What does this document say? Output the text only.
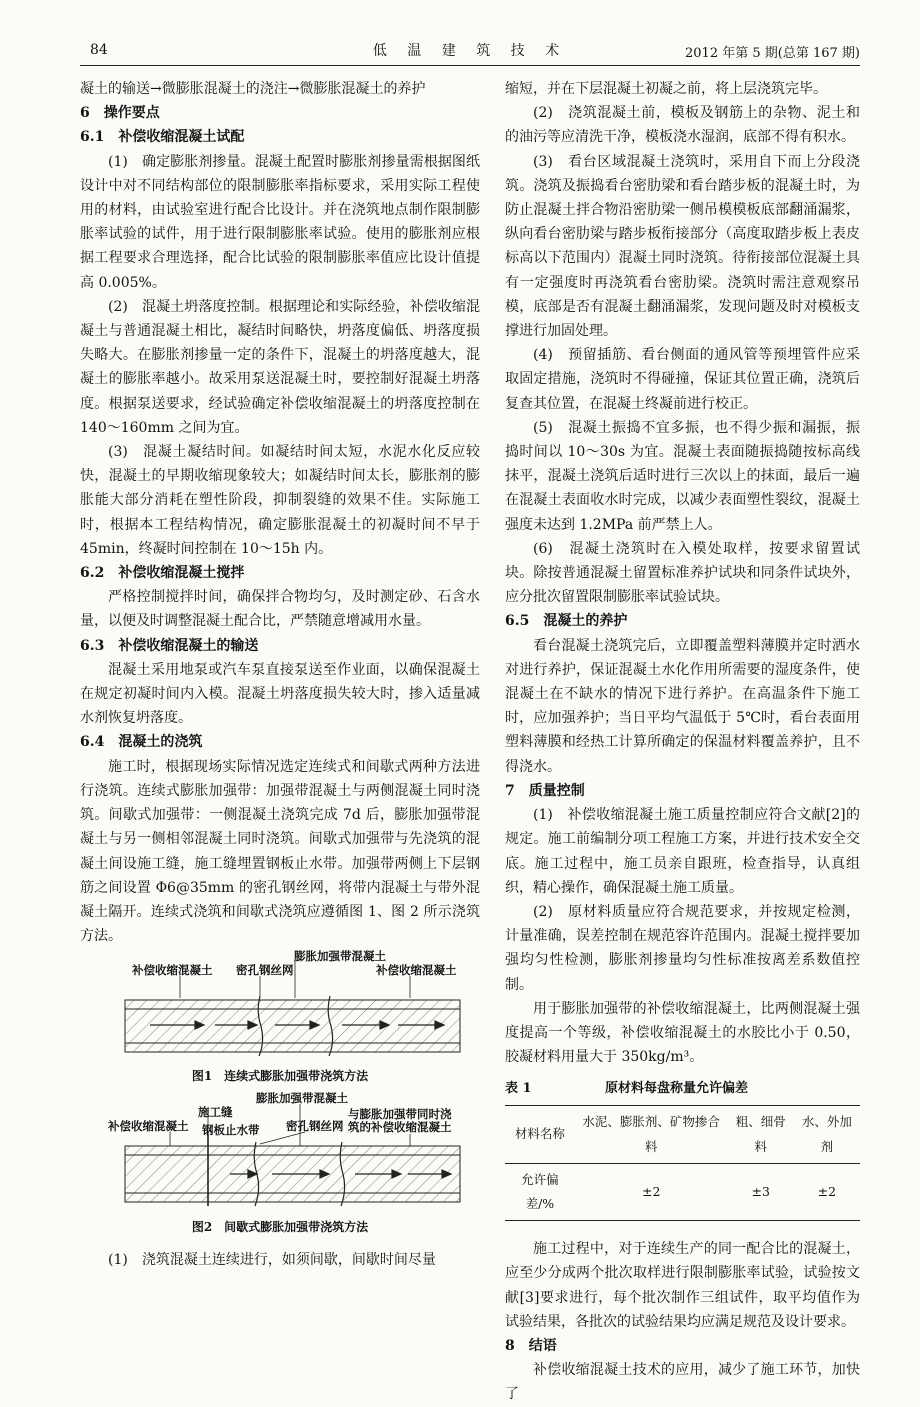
84	低 温 建 筑 技 术	2012 年第 5 期(总第 167 期)

凝土的输送→微膨胀混凝土的浇注→微膨胀混凝土的养护

6　操作要点
6.1　补偿收缩混凝土试配

(1)　确定膨胀剂掺量。混凝土配置时膨胀剂掺量需根据图纸设计中对不同结构部位的限制膨胀率指标要求，采用实际工程使用的材料，由试验室进行配合比设计。并在浇筑地点制作限制膨胀率试验的试件，用于进行限制膨胀率试验。使用的膨胀剂应根据工程要求合理选择，配合比试验的限制膨胀率值应比设计值提高 0.005%。

(2)　混凝土坍落度控制。根据理论和实际经验，补偿收缩混凝土与普通混凝土相比，凝结时间略快，坍落度偏低、坍落度损失略大。在膨胀剂掺量一定的条件下，混凝土的坍落度越大，混凝土的膨胀率越小。故采用泵送混凝土时，要控制好混凝土坍落度。根据泵送要求，经试验确定补偿收缩混凝土的坍落度控制在 140～160mm 之间为宜。

(3)　混凝土凝结时间。如凝结时间太短，水泥水化反应较快，混凝土的早期收缩现象较大；如凝结时间太长，膨胀剂的膨胀能大部分消耗在塑性阶段，抑制裂缝的效果不佳。实际施工时，根据本工程结构情况，确定膨胀混凝土的初凝时间不早于 45min，终凝时间控制在 10～15h 内。

6.2　补偿收缩混凝土搅拌

严格控制搅拌时间，确保拌合物均匀，及时测定砂、石含水量，以便及时调整混凝土配合比，严禁随意增减用水量。

6.3　补偿收缩混凝土的输送

混凝土采用地泵或汽车泵直接泵送至作业面，以确保混凝土在规定初凝时间内入模。混凝土坍落度损失较大时，掺入适量减水剂恢复坍落度。

6.4　混凝土的浇筑

施工时，根据现场实际情况选定连续式和间歇式两种方法进行浇筑。连续式膨胀加强带：加强带混凝土与两侧混凝土同时浇筑。间歇式加强带：一侧混凝土浇筑完成 7d 后，膨胀加强带混凝土与另一侧相邻混凝土同时浇筑。间歇式加强带与先浇筑的混凝土间设施工缝，施工缝埋置钢板止水带。加强带两侧上下层钢筋之间设置 Φ6@35mm 的密孔钢丝网，将带内混凝土与带外混凝土隔开。连续式浇筑和间歇式浇筑应遵循图 1、图 2 所示浇筑方法。

膨胀加强带混凝土
补偿收缩混凝土 密孔钢丝网	补偿收缩混凝土
图1　连续式膨胀加强带浇筑方法
膨胀加强带混凝土
施工缝
补偿收缩混凝土 钢板止水带 密孔钢丝网
与膨胀加强带同时浇
筑的补偿收缩混凝土
图2　间歇式膨胀加强带浇筑方法

(1)　浇筑混凝土连续进行，如须间歇，间歇时间尽量

缩短，并在下层混凝土初凝之前，将上层浇筑完毕。

(2)　浇筑混凝土前，模板及钢筋上的杂物、泥土和的油污等应清洗干净，模板浇水湿润，底部不得有积水。

(3)　看台区域混凝土浇筑时，采用自下而上分段浇筑。浇筑及振捣看台密肋梁和看台踏步板的混凝土时，为防止混凝土拌合物沿密肋梁一侧吊模模板底部翻涌漏浆，纵向看台密肋梁与踏步板衔接部分（高度取踏步板上表皮标高以下范围内）混凝土同时浇筑。待衔接部位混凝土具有一定强度时再浇筑看台密肋梁。浇筑时需注意观察吊模，底部是否有混凝土翻涌漏浆，发现问题及时对模板支撑进行加固处理。

(4)　预留插筋、看台侧面的通风管等预埋管件应采取固定措施，浇筑时不得碰撞，保证其位置正确，浇筑后复查其位置，在混凝土终凝前进行校正。

(5)　混凝土振捣不宜多振，也不得少振和漏振，振捣时间以 10～30s 为宜。混凝土表面随振捣随按标高线抹平，混凝土浇筑后适时进行三次以上的抹面，最后一遍在混凝土表面收水时完成，以减少表面塑性裂纹，混凝土强度未达到 1.2MPa 前严禁上人。

(6)　混凝土浇筑时在入模处取样，按要求留置试块。除按普通混凝土留置标准养护试块和同条件试块外，应分批次留置限制膨胀率试验试块。

6.5　混凝土的养护

看台混凝土浇筑完后，立即覆盖塑料薄膜并定时洒水对进行养护，保证混凝土水化作用所需要的湿度条件，使混凝土在不缺水的情况下进行养护。在高温条件下施工时，应加强养护；当日平均气温低于 5℃时，看台表面用塑料薄膜和经热工计算所确定的保温材料覆盖养护，且不得浇水。

7　质量控制

(1)　补偿收缩混凝土施工质量控制应符合文献[2]的规定。施工前编制分项工程施工方案，并进行技术安全交底。施工过程中，施工员亲自跟班，检查指导，认真组织，精心操作，确保混凝土施工质量。

(2)　原材料质量应符合规范要求，并按规定检测，计量准确，误差控制在规范容许范围内。混凝土搅拌要加强均匀性检测，膨胀剂掺量均匀性标准按离差系数值控制。

用于膨胀加强带的补偿收缩混凝土，比两侧混凝土强度提高一个等级，补偿收缩混凝土的水胶比小于 0.50，胶凝材料用量大于 350kg/m³。

表 1	原材料每盘称量允许偏差
材料名称	水泥、膨胀剂、矿物掺合料	粗、细骨料	水、外加剂
允许偏差/%	±2	±3	±2

施工过程中，对于连续生产的同一配合比的混凝土，应至少分成两个批次取样进行限制膨胀率试验，试验按文献[3]要求进行，每个批次制作三组试件，取平均值作为试验结果，各批次的试验结果均应满足规范及设计要求。

8　结语

补偿收缩混凝土技术的应用，减少了施工环节，加快了
